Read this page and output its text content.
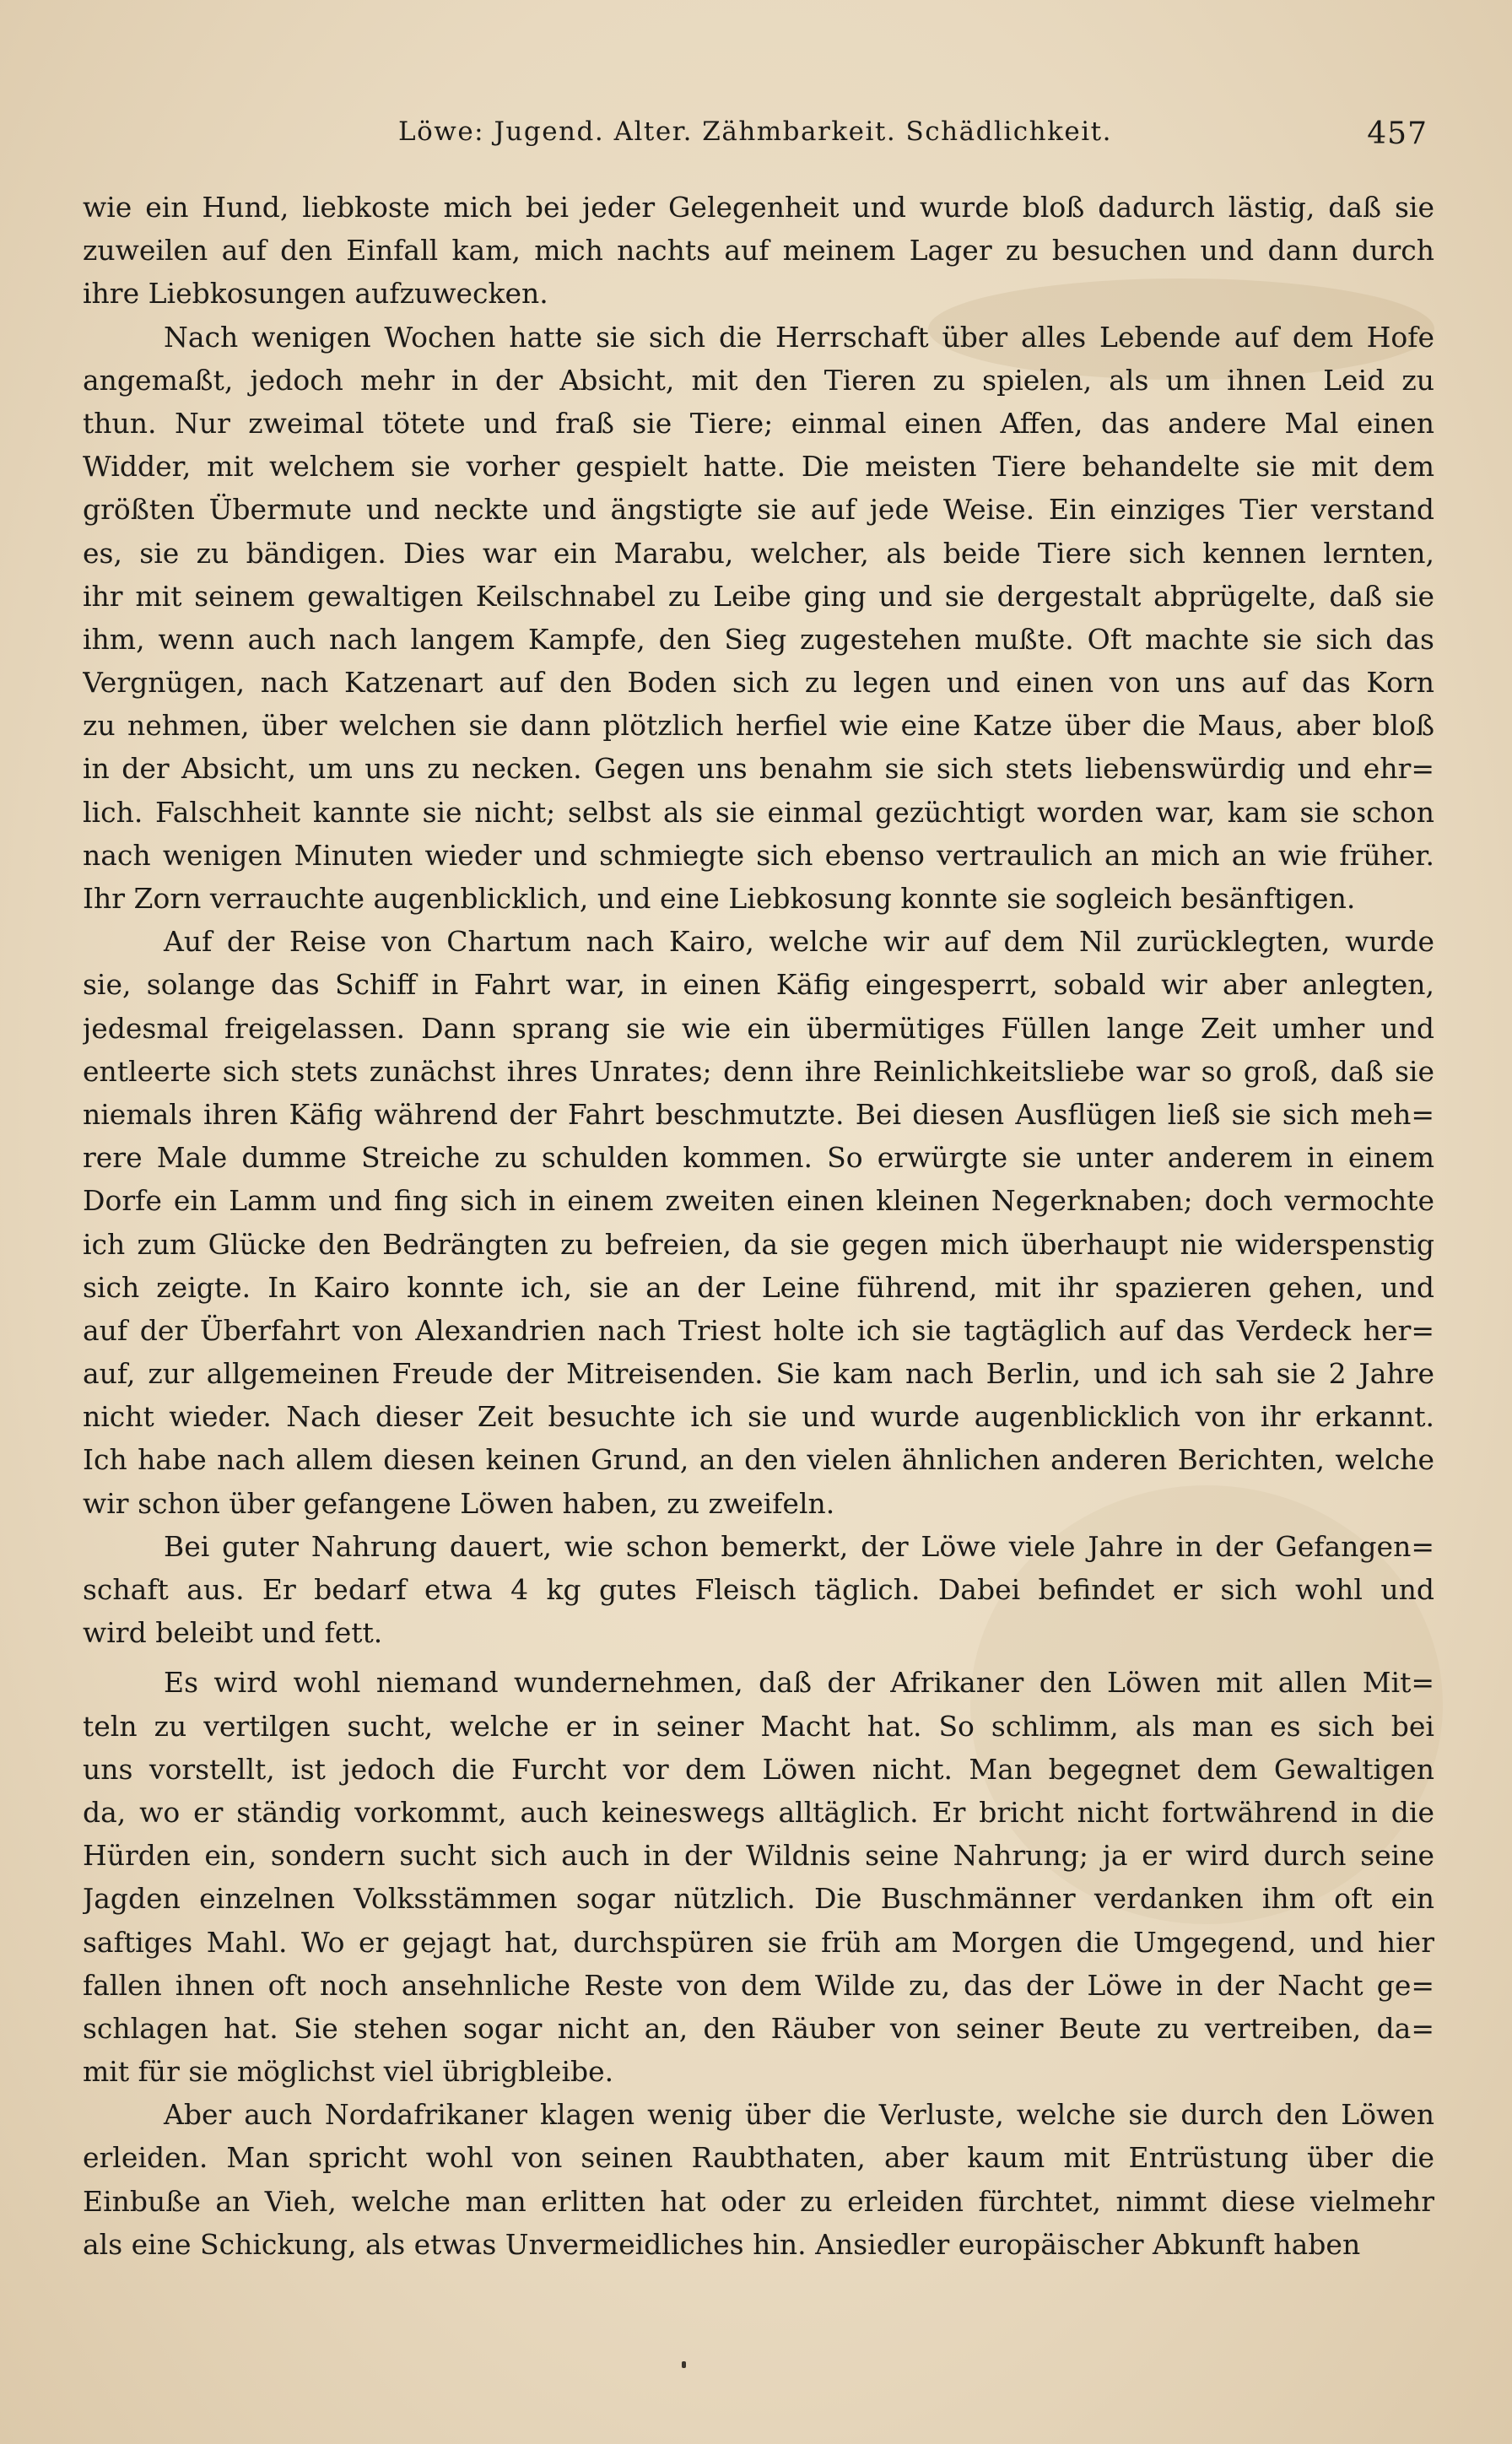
Löwe: Jugend. Alter. Zähmbarkeit. Schädlichkeit.	457
wie ein Hund, liebkoste mich bei jeder Gelegenheit und wurde bloß dadurch lästig, daß sie
zuweilen auf den Einfall kam, mich nachts auf meinem Lager zu besuchen und dann durch
ihre Liebkosungen aufzuwecken.
Nach wenigen Wochen hatte sie sich die Herrschaft über alles Lebende auf dem Hofe
angemaßt, jedoch mehr in der Absicht, mit den Tieren zu spielen, als um ihnen Leid zu
thun. Nur zweimal tötete und fraß sie Tiere; einmal einen Affen, das andere Mal einen
Widder, mit welchem sie vorher gespielt hatte. Die meisten Tiere behandelte sie mit dem
größten Übermute und neckte und ängstigte sie auf jede Weise. Ein einziges Tier verstand
es, sie zu bändigen. Dies war ein Marabu, welcher, als beide Tiere sich kennen lernten,
ihr mit seinem gewaltigen Keilschnabel zu Leibe ging und sie dergestalt abprügelte, daß sie
ihm, wenn auch nach langem Kampfe, den Sieg zugestehen mußte. Oft machte sie sich das
Vergnügen, nach Katzenart auf den Boden sich zu legen und einen von uns auf das Korn
zu nehmen, über welchen sie dann plötzlich herfiel wie eine Katze über die Maus, aber bloß
in der Absicht, um uns zu necken. Gegen uns benahm sie sich stets liebenswürdig und ehr=
lich. Falschheit kannte sie nicht; selbst als sie einmal gezüchtigt worden war, kam sie schon
nach wenigen Minuten wieder und schmiegte sich ebenso vertraulich an mich an wie früher.
Ihr Zorn verrauchte augenblicklich, und eine Liebkosung konnte sie sogleich besänftigen.
Auf der Reise von Chartum nach Kairo, welche wir auf dem Nil zurücklegten, wurde
sie, solange das Schiff in Fahrt war, in einen Käfig eingesperrt, sobald wir aber anlegten,
jedesmal freigelassen. Dann sprang sie wie ein übermütiges Füllen lange Zeit umher und
entleerte sich stets zunächst ihres Unrates; denn ihre Reinlichkeitsliebe war so groß, daß sie
niemals ihren Käfig während der Fahrt beschmutzte. Bei diesen Ausflügen ließ sie sich meh=
rere Male dumme Streiche zu schulden kommen. So erwürgte sie unter anderem in einem
Dorfe ein Lamm und fing sich in einem zweiten einen kleinen Negerknaben; doch vermochte
ich zum Glücke den Bedrängten zu befreien, da sie gegen mich überhaupt nie widerspenstig
sich zeigte. In Kairo konnte ich, sie an der Leine führend, mit ihr spazieren gehen, und
auf der Überfahrt von Alexandrien nach Triest holte ich sie tagtäglich auf das Verdeck her=
auf, zur allgemeinen Freude der Mitreisenden. Sie kam nach Berlin, und ich sah sie 2 Jahre
nicht wieder. Nach dieser Zeit besuchte ich sie und wurde augenblicklich von ihr erkannt.
Ich habe nach allem diesen keinen Grund, an den vielen ähnlichen anderen Berichten, welche
wir schon über gefangene Löwen haben, zu zweifeln.
Bei guter Nahrung dauert, wie schon bemerkt, der Löwe viele Jahre in der Gefangen=
schaft aus. Er bedarf etwa 4 kg gutes Fleisch täglich. Dabei befindet er sich wohl und
wird beleibt und fett.
Es wird wohl niemand wundernehmen, daß der Afrikaner den Löwen mit allen Mit=
teln zu vertilgen sucht, welche er in seiner Macht hat. So schlimm, als man es sich bei
uns vorstellt, ist jedoch die Furcht vor dem Löwen nicht. Man begegnet dem Gewaltigen
da, wo er ständig vorkommt, auch keineswegs alltäglich. Er bricht nicht fortwährend in die
Hürden ein, sondern sucht sich auch in der Wildnis seine Nahrung; ja er wird durch seine
Jagden einzelnen Volksstämmen sogar nützlich. Die Buschmänner verdanken ihm oft ein
saftiges Mahl. Wo er gejagt hat, durchspüren sie früh am Morgen die Umgegend, und hier
fallen ihnen oft noch ansehnliche Reste von dem Wilde zu, das der Löwe in der Nacht ge=
schlagen hat. Sie stehen sogar nicht an, den Räuber von seiner Beute zu vertreiben, da=
mit für sie möglichst viel übrigbleibe.
Aber auch Nordafrikaner klagen wenig über die Verluste, welche sie durch den Löwen
erleiden. Man spricht wohl von seinen Raubthaten, aber kaum mit Entrüstung über die
Einbuße an Vieh, welche man erlitten hat oder zu erleiden fürchtet, nimmt diese vielmehr
als eine Schickung, als etwas Unvermeidliches hin. Ansiedler europäischer Abkunft haben
